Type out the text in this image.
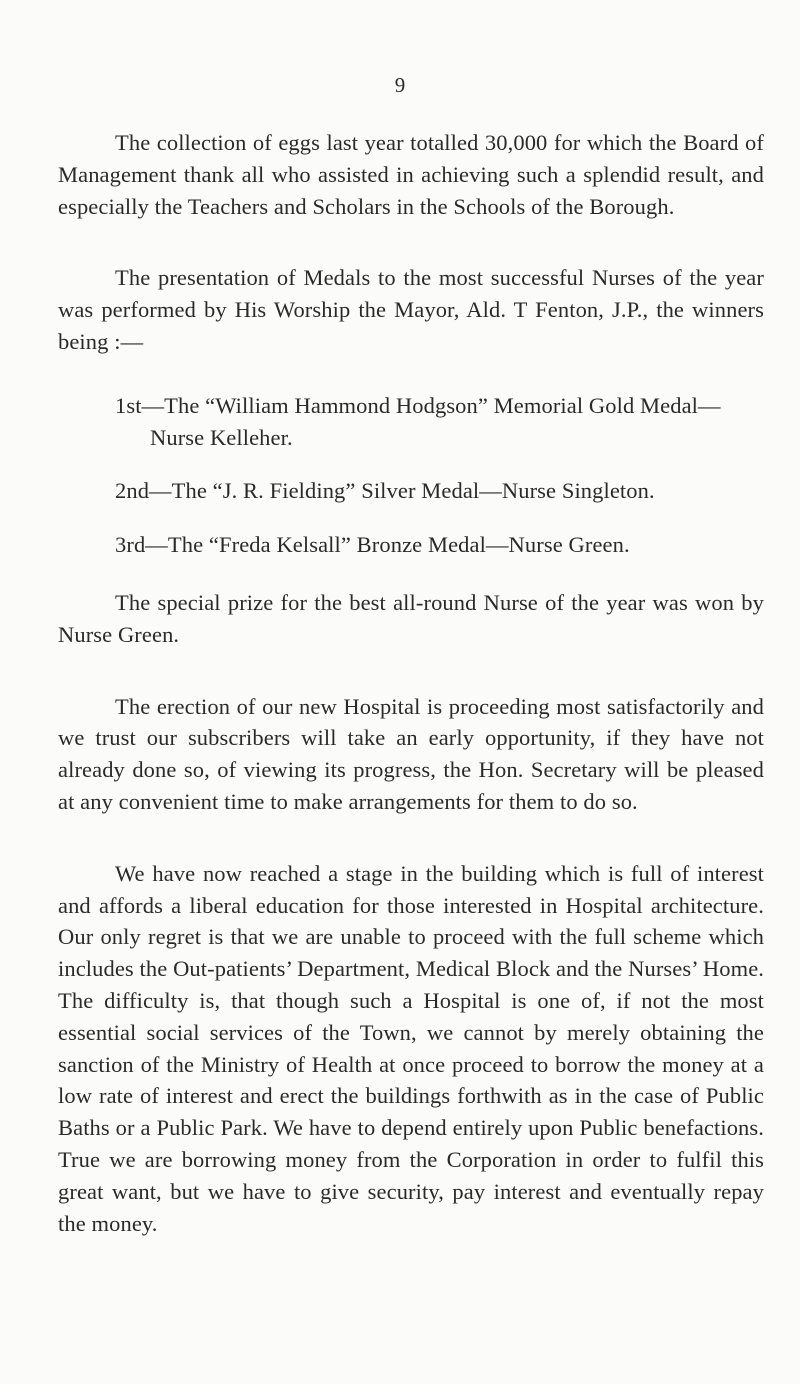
9

The collection of eggs last year totalled 30,000 for which the Board of Management thank all who assisted in achieving such a splendid result, and especially the Teachers and Scholars in the Schools of the Borough.

The presentation of Medals to the most successful Nurses of the year was performed by His Worship the Mayor, Ald. T Fenton, J.P., the winners being :—

1st—The “William Hammond Hodgson” Memorial Gold Medal—Nurse Kelleher.
2nd—The “J. R. Fielding” Silver Medal—Nurse Singleton.
3rd—The “Freda Kelsall” Bronze Medal—Nurse Green.

The special prize for the best all-round Nurse of the year was won by Nurse Green.

The erection of our new Hospital is proceeding most satisfactorily and we trust our subscribers will take an early opportunity, if they have not already done so, of viewing its progress, the Hon. Secretary will be pleased at any convenient time to make arrangements for them to do so.

We have now reached a stage in the building which is full of interest and affords a liberal education for those interested in Hospital architecture. Our only regret is that we are unable to proceed with the full scheme which includes the Out-patients’ Department, Medical Block and the Nurses’ Home. The difficulty is, that though such a Hospital is one of, if not the most essential social services of the Town, we cannot by merely obtaining the sanction of the Ministry of Health at once proceed to borrow the money at a low rate of interest and erect the buildings forthwith as in the case of Public Baths or a Public Park. We have to depend entirely upon Public benefactions. True we are borrowing money from the Corporation in order to fulfil this great want, but we have to give security, pay interest and eventually repay the money.
